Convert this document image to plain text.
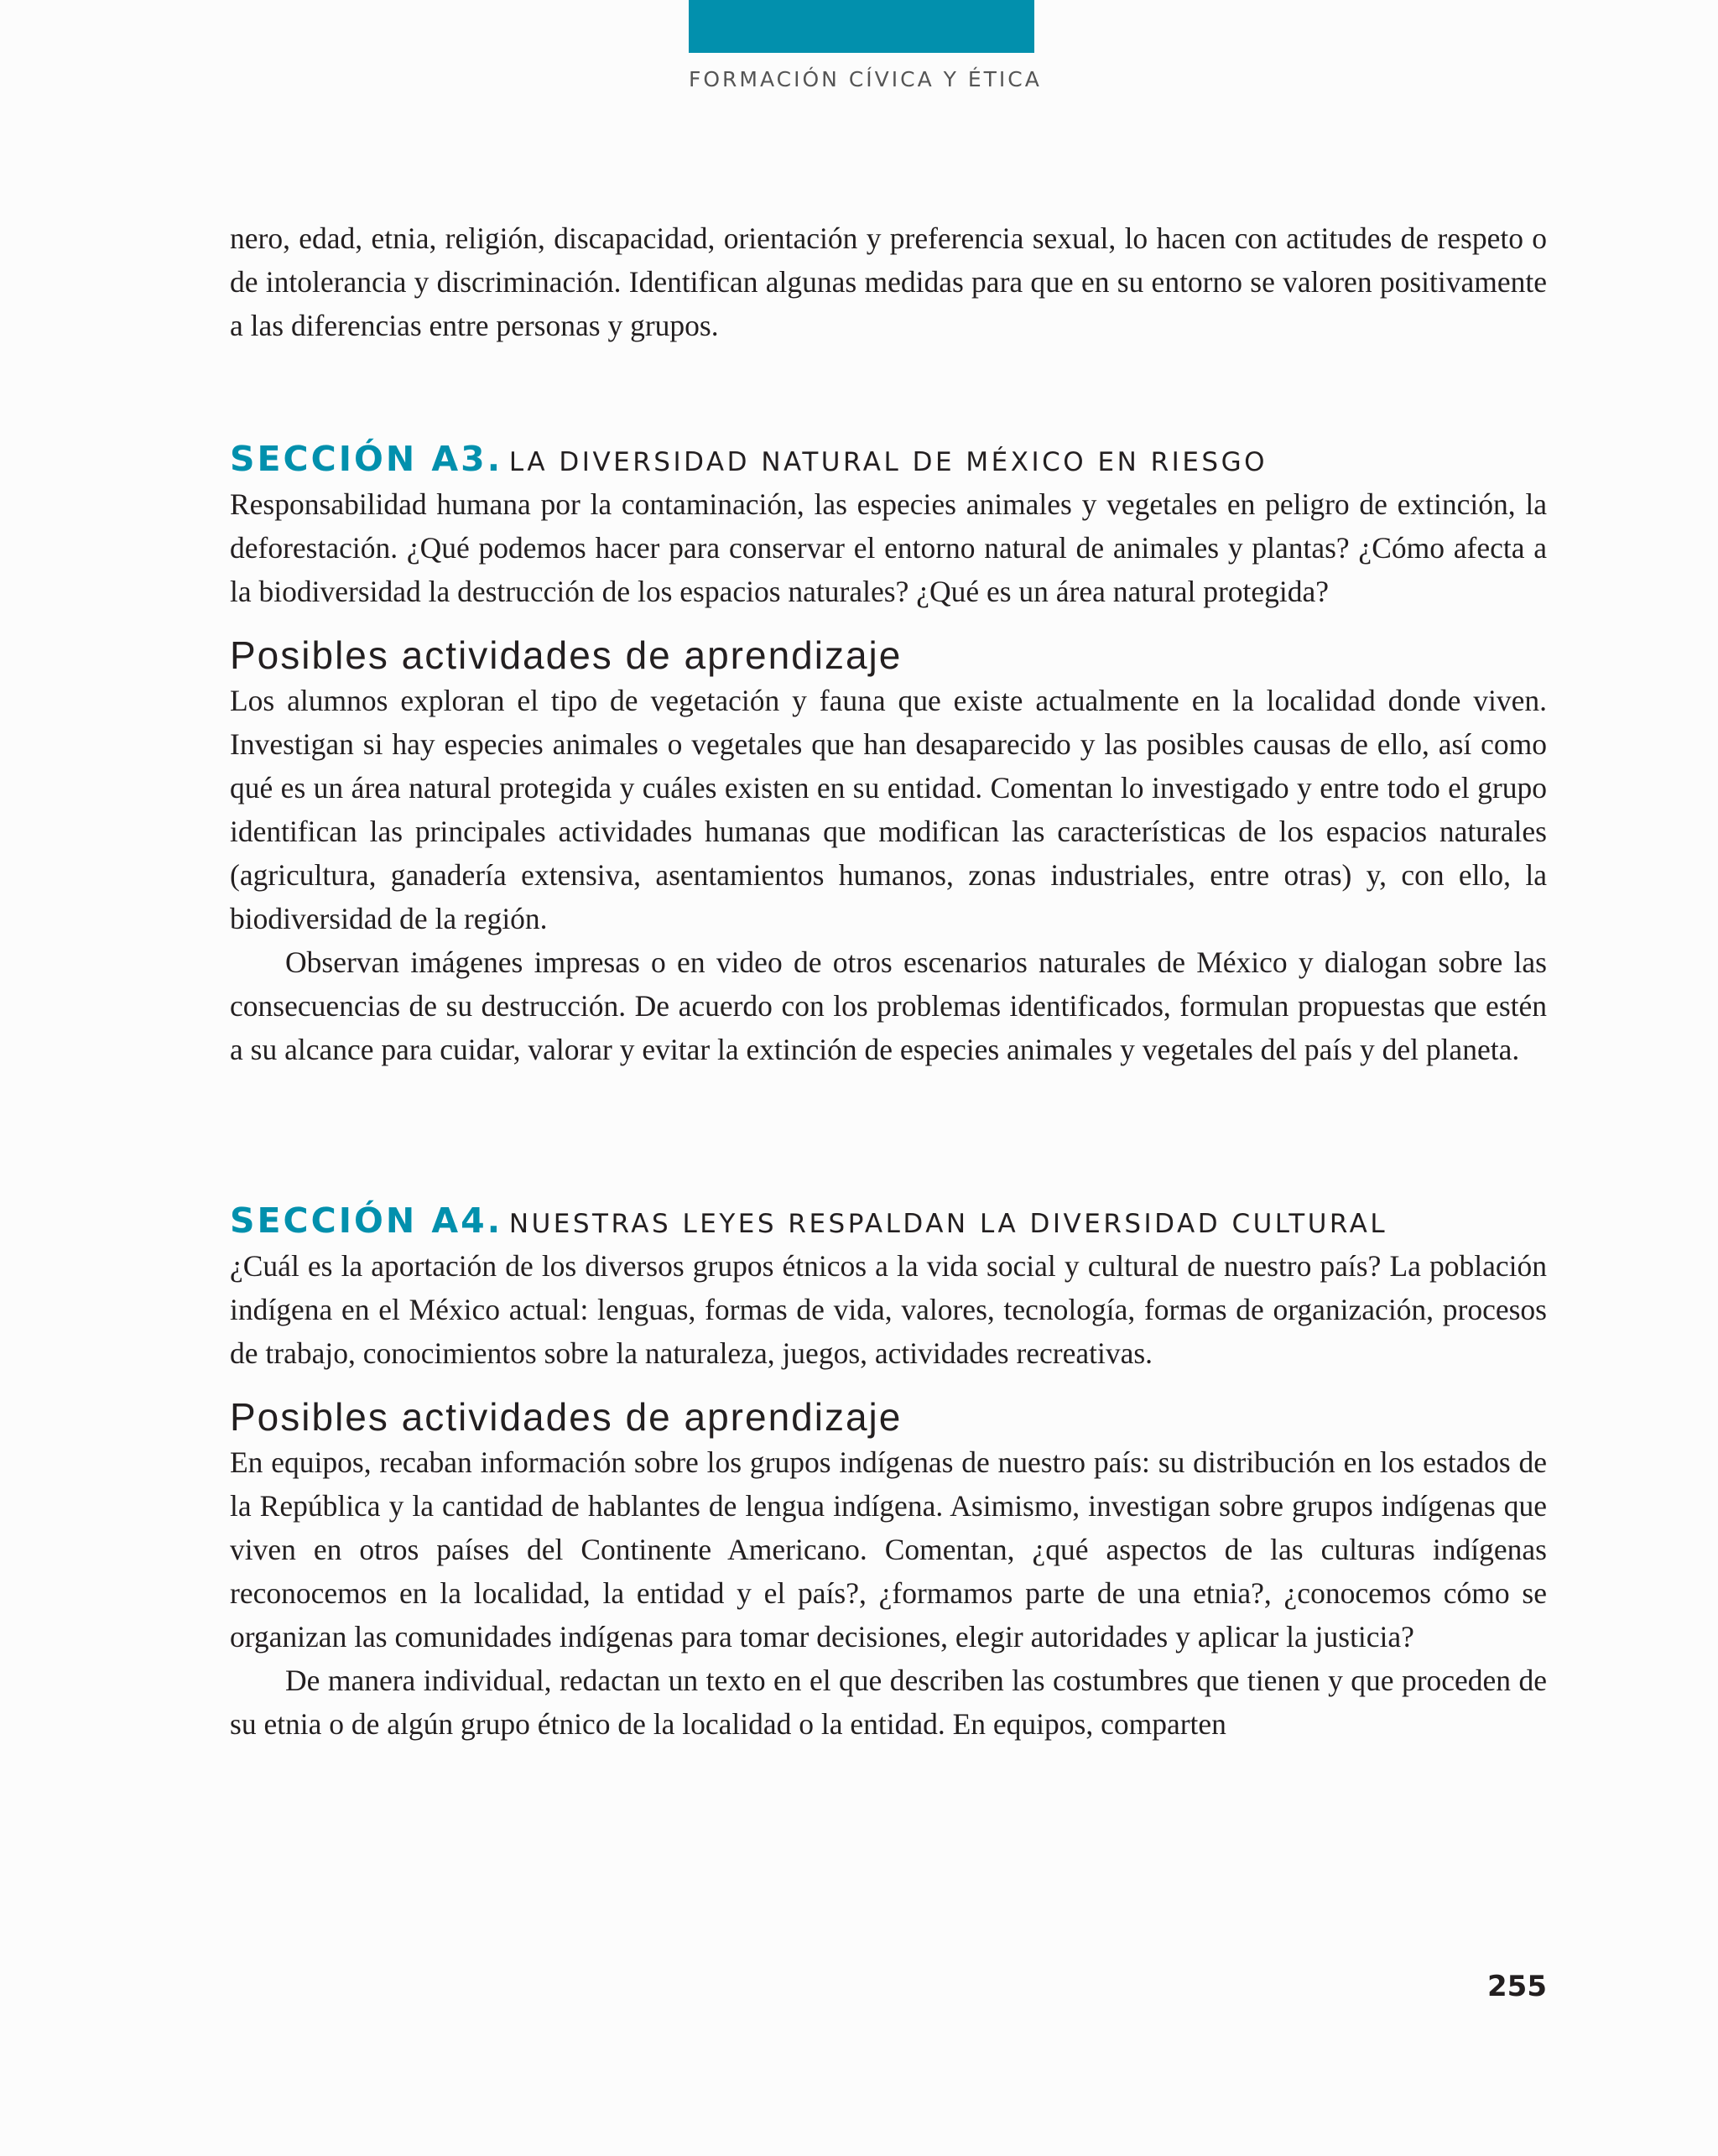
FORMACIÓN CÍVICA Y ÉTICA

nero, edad, etnia, religión, discapacidad, orientación y preferencia sexual, lo hacen con actitudes de respeto o de intolerancia y discriminación. Identifican algunas medidas para que en su entorno se valoren positivamente a las diferencias entre personas y grupos.

SECCIÓN A3. LA DIVERSIDAD NATURAL DE MÉXICO EN RIESGO

Responsabilidad humana por la contaminación, las especies animales y vegetales en peligro de extinción, la deforestación. ¿Qué podemos hacer para conservar el entorno natural de animales y plantas? ¿Cómo afecta a la biodiversidad la destrucción de los espacios naturales? ¿Qué es un área natural protegida?

Posibles actividades de aprendizaje

Los alumnos exploran el tipo de vegetación y fauna que existe actualmente en la localidad donde viven. Investigan si hay especies animales o vegetales que han desaparecido y las posibles causas de ello, así como qué es un área natural protegida y cuáles existen en su entidad. Comentan lo investigado y entre todo el grupo identifican las principales actividades humanas que modifican las características de los espacios naturales (agricultura, ganadería extensiva, asentamientos humanos, zonas industriales, entre otras) y, con ello, la biodiversidad de la región.

Observan imágenes impresas o en video de otros escenarios naturales de México y dialogan sobre las consecuencias de su destrucción. De acuerdo con los problemas identificados, formulan propuestas que estén a su alcance para cuidar, valorar y evitar la extinción de especies animales y vegetales del país y del planeta.

SECCIÓN A4. NUESTRAS LEYES RESPALDAN LA DIVERSIDAD CULTURAL

¿Cuál es la aportación de los diversos grupos étnicos a la vida social y cultural de nuestro país? La población indígena en el México actual: lenguas, formas de vida, valores, tecnología, formas de organización, procesos de trabajo, conocimientos sobre la naturaleza, juegos, actividades recreativas.

Posibles actividades de aprendizaje

En equipos, recaban información sobre los grupos indígenas de nuestro país: su distribución en los estados de la República y la cantidad de hablantes de lengua indígena. Asimismo, investigan sobre grupos indígenas que viven en otros países del Continente Americano. Comentan, ¿qué aspectos de las culturas indígenas reconocemos en la localidad, la entidad y el país?, ¿formamos parte de una etnia?, ¿conocemos cómo se organizan las comunidades indígenas para tomar decisiones, elegir autoridades y aplicar la justicia?

De manera individual, redactan un texto en el que describen las costumbres que tienen y que proceden de su etnia o de algún grupo étnico de la localidad o la entidad. En equipos, comparten

255
